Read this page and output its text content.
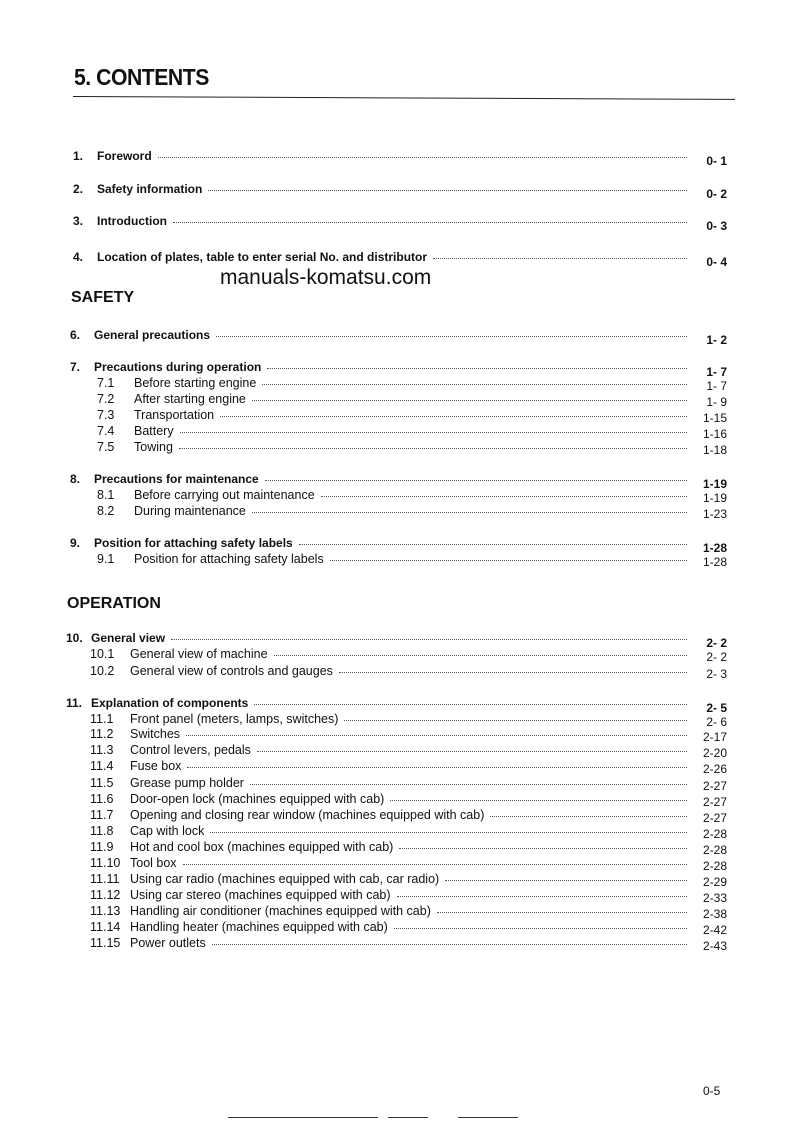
5. CONTENTS
manuals-komatsu.com
SAFETY
OPERATION
1.	Foreword	0- 1
2.	Safety information	0- 2
3.	Introduction	0- 3
4.	Location of plates, table to enter serial No. and distributor	0- 4
6.	General precautions	1- 2
7.	Precautions during operation	1- 7
7.1	Before starting engine	1- 7
7.2	After starting engine	1- 9
7.3	Transportation	1-15
7.4	Battery	1-16
7.5	Towing	1-18
8.	Precautions for maintenance	1-19
8.1	Before carrying out maintenance	1-19
8.2	During maintenance	1-23
9.	Position for attaching safety labels	1-28
9.1	Position for attaching safety labels	1-28
10. General view	2- 2
10.1	General view of machine	2- 2
10.2	General view of controls and gauges	2- 3
11. Explanation of components	2- 5
11.1	Front panel (meters, lamps, switches)	2- 6
11.2	Switches	2-17
11.3	Control levers, pedals	2-20
11.4	Fuse box	2-26
11.5	Grease pump holder	2-27
11.6	Door-open lock (machines equipped with cab)	2-27
11.7	Opening and closing rear window (machines equipped with cab)	2-27
11.8	Cap with lock	2-28
11.9	Hot and cool box (machines equipped with cab)	2-28
11.10 Tool box	2-28
11.11 Using car radio (machines equipped with cab, car radio)	2-29
11.12 Using car stereo (machines equipped with cab)	2-33
11.13 Handling air conditioner (machines equipped with cab)	2-38
11.14 Handling heater (machines equipped with cab)	2-42
11.15 Power outlets	2-43
0-5
